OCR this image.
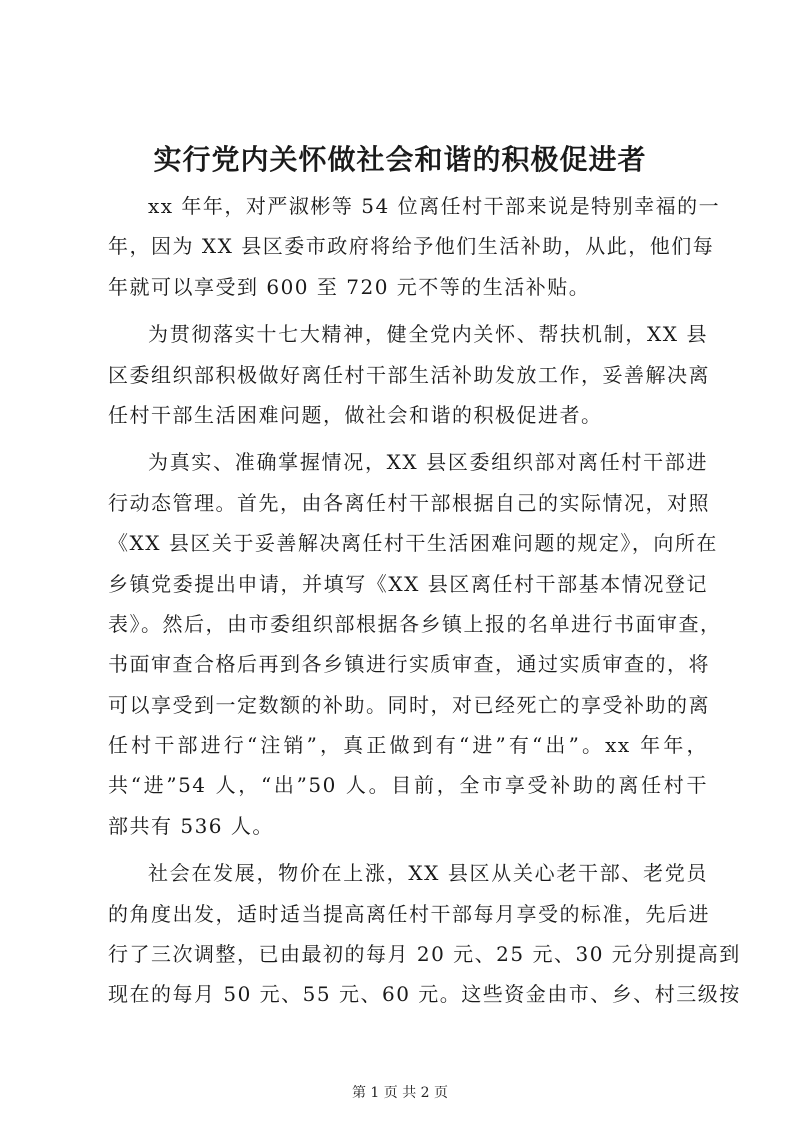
实行党内关怀做社会和谐的积极促进者
xx 年年，对严淑彬等 54 位离任村干部来说是特别幸福的一
年，因为 XX 县区委市政府将给予他们生活补助，从此，他们每
年就可以享受到 600 至 720 元不等的生活补贴。
为贯彻落实十七大精神，健全党内关怀、帮扶机制，XX 县
区委组织部积极做好离任村干部生活补助发放工作，妥善解决离
任村干部生活困难问题，做社会和谐的积极促进者。
为真实、准确掌握情况，XX 县区委组织部对离任村干部进
行动态管理。首先，由各离任村干部根据自己的实际情况，对照
《XX 县区关于妥善解决离任村干生活困难问题的规定》，向所在
乡镇党委提出申请，并填写《XX 县区离任村干部基本情况登记
表》。然后，由市委组织部根据各乡镇上报的名单进行书面审查，
书面审查合格后再到各乡镇进行实质审查，通过实质审查的，将
可以享受到一定数额的补助。同时，对已经死亡的享受补助的离
任村干部进行“注销”，真正做到有“进”有“出”。xx 年年，
共“进”54 人，“出”50 人。目前，全市享受补助的离任村干
部共有 536 人。
社会在发展，物价在上涨，XX 县区从关心老干部、老党员
的角度出发，适时适当提高离任村干部每月享受的标准，先后进
行了三次调整，已由最初的每月 20 元、25 元、30 元分别提高到
现在的每月 50 元、55 元、60 元。这些资金由市、乡、村三级按
第 1 页 共 2 页
